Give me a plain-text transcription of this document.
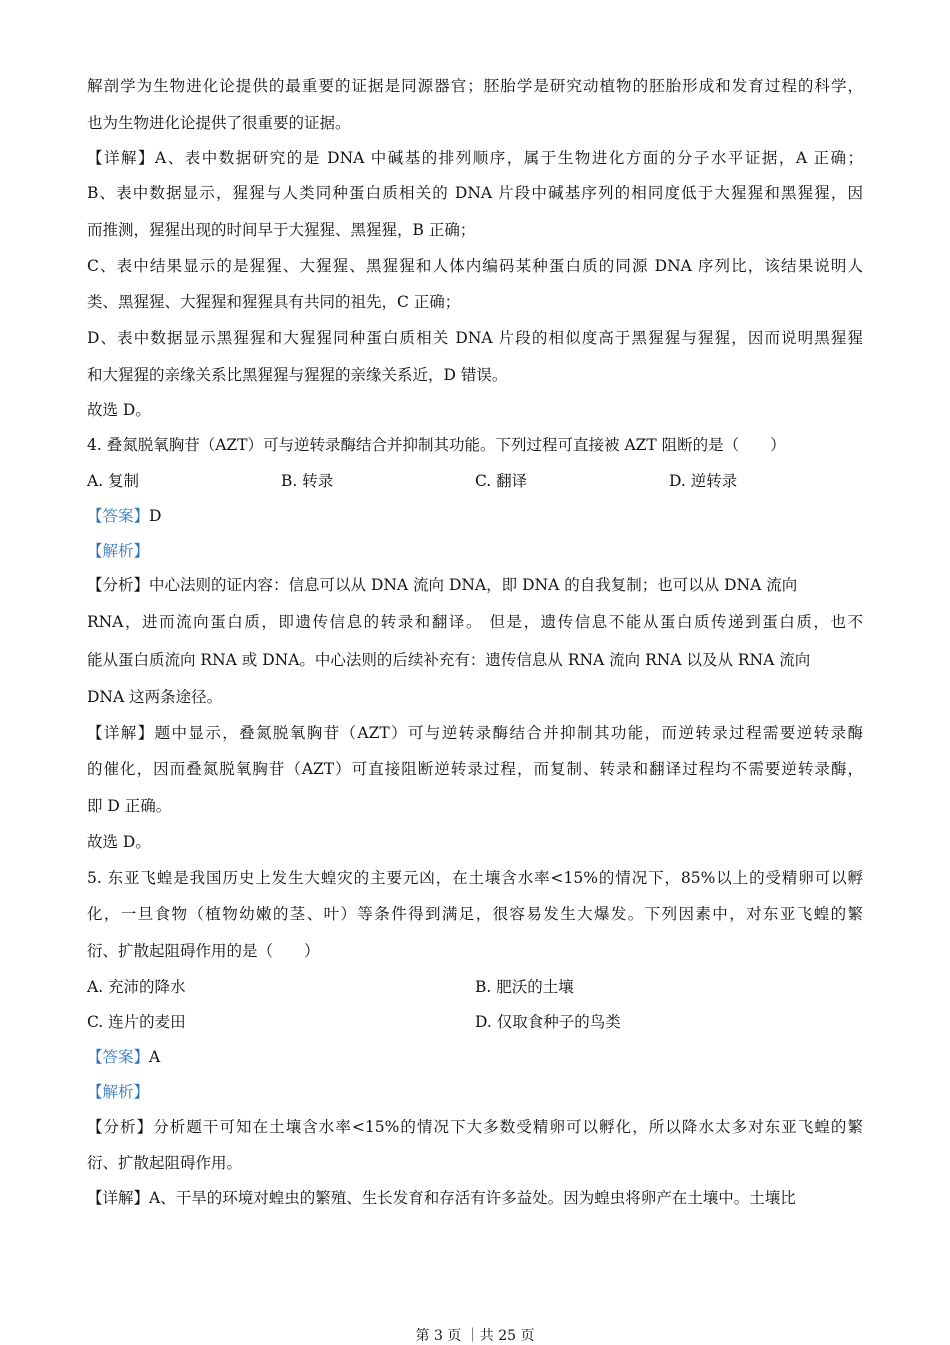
解剖学为生物进化论提供的最重要的证据是同源器官；胚胎学是研究动植物的胚胎形成和发育过程的科学，
也为生物进化论提供了很重要的证据。
【详解】A、表中数据研究的是 DNA 中碱基的排列顺序，属于生物进化方面的分子水平证据，A 正确；
B、表中数据显示，猩猩与人类同种蛋白质相关的 DNA 片段中碱基序列的相同度低于大猩猩和黑猩猩，因
而推测，猩猩出现的时间早于大猩猩、黑猩猩，B 正确；
C、表中结果显示的是猩猩、大猩猩、黑猩猩和人体内编码某种蛋白质的同源 DNA 序列比，该结果说明人
类、黑猩猩、大猩猩和猩猩具有共同的祖先，C 正确；
D、表中数据显示黑猩猩和大猩猩同种蛋白质相关 DNA 片段的相似度高于黑猩猩与猩猩，因而说明黑猩猩
和大猩猩的亲缘关系比黑猩猩与猩猩的亲缘关系近，D 错误。
故选 D。
4. 叠氮脱氧胸苷（AZT）可与逆转录酶结合并抑制其功能。下列过程可直接被 AZT 阻断的是（　　）
A. 复制	B. 转录	C. 翻译	D. 逆转录
【答案】D
【解析】
【分析】中心法则的证内容：信息可以从 DNA 流向 DNA，即 DNA 的自我复制；也可以从 DNA 流向
RNA，进而流向蛋白质，即遗传信息的转录和翻译。 但是，遗传信息不能从蛋白质传递到蛋白质，也不
能从蛋白质流向 RNA 或 DNA。中心法则的后续补充有：遗传信息从 RNA 流向 RNA 以及从 RNA 流向
DNA 这两条途径。
【详解】题中显示，叠氮脱氧胸苷（AZT）可与逆转录酶结合并抑制其功能，而逆转录过程需要逆转录酶
的催化，因而叠氮脱氧胸苷（AZT）可直接阻断逆转录过程，而复制、转录和翻译过程均不需要逆转录酶，
即 D 正确。
故选 D。
5. 东亚飞蝗是我国历史上发生大蝗灾的主要元凶，在土壤含水率<15%的情况下，85%以上的受精卵可以孵
化，一旦食物（植物幼嫩的茎、叶）等条件得到满足，很容易发生大爆发。下列因素中，对东亚飞蝗的繁
衍、扩散起阻碍作用的是（　　）
A. 充沛的降水	B. 肥沃的土壤
C. 连片的麦田	D. 仅取食种子的鸟类
【答案】A
【解析】
【分析】分析题干可知在土壤含水率<15%的情况下大多数受精卵可以孵化，所以降水太多对东亚飞蝗的繁
衍、扩散起阻碍作用。
【详解】A、干旱的环境对蝗虫的繁殖、生长发育和存活有许多益处。因为蝗虫将卵产在土壤中。土壤比
第 3 页 ｜共 25 页
